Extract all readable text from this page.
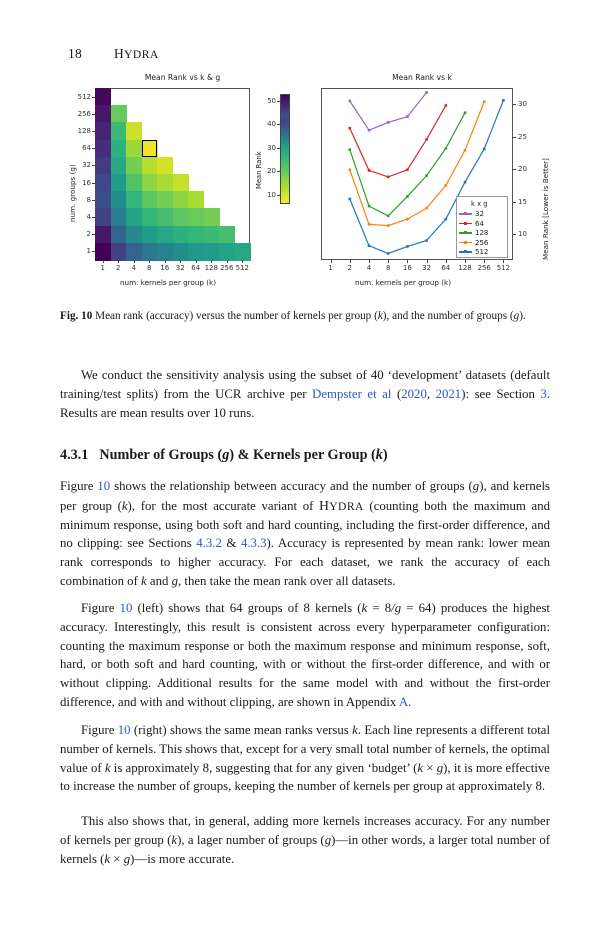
18 HYDRA
Mean Rank vs k & g
1	2	4	8	16 32 64 128 256 512
512
256
128
64
32
16
8
4
2
1
num. kernels per group (k)
num. groups (g)	10
20
30
40
50
Mean Rank
Mean Rank vs k
1	2	4	8	16	32	64	128 256 512
10
15
20
25
30
num. kernels per group (k)
Mean Rank [Lower is Better]
k x g
32
64
128
256
512
Fig. 10 Mean rank (accuracy) versus the number of kernels per group (k), and the number of groups (g).
We conduct the sensitivity analysis using the subset of 40 ‘development’ datasets (default training/test splits) from the UCR archive per Dempster et al (2020, 2021): see Section 3. Results are mean results over 10 runs.
4.3.1 Number of Groups (g) & Kernels per Group (k)
Figure 10 shows the relationship between accuracy and the number of groups (g), and kernels per group (k), for the most accurate variant of HYDRA (counting both the maximum and minimum response, using both soft and hard counting, including the first-order difference, and no clipping: see Sections 4.3.2 & 4.3.3). Accuracy is represented by mean rank: lower mean rank corresponds to higher accuracy. For each dataset, we rank the accuracy of each combination of k and g, then take the mean rank over all datasets.
Figure 10 (left) shows that 64 groups of 8 kernels (k = 8/g = 64) produces the highest accuracy. Interestingly, this result is consistent across every hyperparameter configuration: counting the maximum response or both the maximum response and minimum response, soft, hard, or both soft and hard counting, with or without the first-order difference, and with or without clipping. Additional results for the same model with and without the first-order difference, and with and without clipping, are shown in Appendix A.
Figure 10 (right) shows the same mean ranks versus k. Each line represents a different total number of kernels. This shows that, except for a very small total number of kernels, the optimal value of k is approximately 8, suggesting that for any given ‘budget’ (k × g), it is more effective to increase the number of groups, keeping the number of kernels per group at approximately 8.
This also shows that, in general, adding more kernels increases accuracy. For any number of kernels per group (k), a lager number of groups (g)—in other words, a larger total number of kernels (k × g)—is more accurate.
